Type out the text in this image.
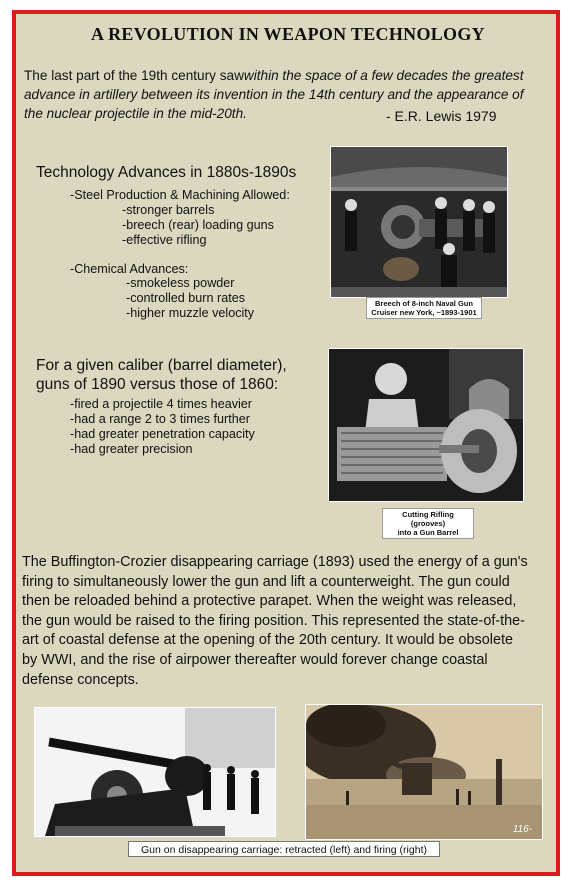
A REVOLUTION IN WEAPON TECHNOLOGY
The last part of the 19th century sawwithin the space of a few decades the greatest advance in artillery between its invention in the 14th century and the appearance of the nuclear projectile in the mid-20th.	- E.R. Lewis 1979
Technology Advances in 1880s-1890s
-Steel Production & Machining Allowed:
-stronger barrels
-breech (rear) loading guns
-effective rifling
-Chemical Advances:
-smokeless powder
-controlled burn rates
-higher muzzle velocity
Breech of 8-inch Naval Gun
Cruiser new York, ~1893-1901
For a given caliber (barrel diameter),
guns of 1890 versus those of 1860:
-fired a projectile 4 times heavier
-had a range 2 to 3 times further
-had greater penetration capacity
-had greater precision
Cutting Rifling (grooves)
into a Gun Barrel
The Buffington-Crozier disappearing carriage (1893) used the energy of a gun's firing to simultaneously lower the gun and lift a counterweight. The gun could then be reloaded behind a protective parapet. When the weight was released, the gun would be raised to the firing position. This represented the state-of-the-art of coastal defense at the opening of the 20th century. It would be obsolete by WWI, and the rise of airpower thereafter would forever change coastal defense concepts.
116-
Gun on disappearing carriage: retracted (left) and firing (right)
